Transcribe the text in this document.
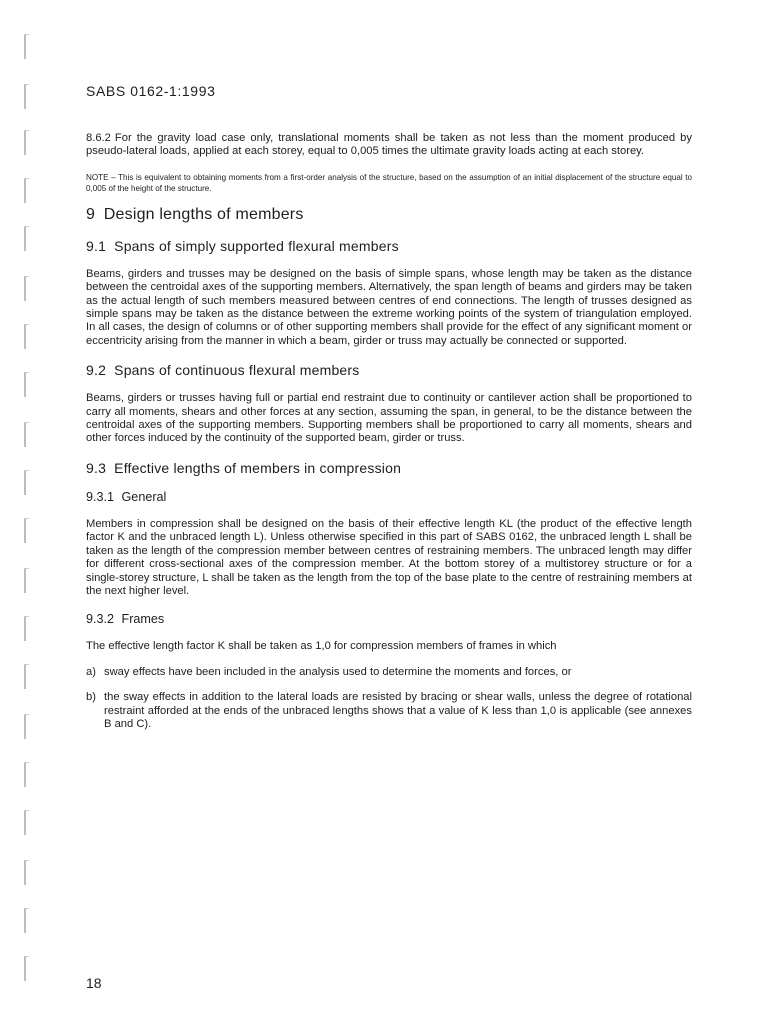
SABS 0162-1:1993

8.6.2 For the gravity load case only, translational moments shall be taken as not less than the moment produced by pseudo-lateral loads, applied at each storey, equal to 0,005 times the ultimate gravity loads acting at each storey.

NOTE – This is equivalent to obtaining moments from a first-order analysis of the structure, based on the assumption of an initial displacement of the structure equal to 0,005 of the height of the structure.

9 Design lengths of members
9.1 Spans of simply supported flexural members

Beams, girders and trusses may be designed on the basis of simple spans, whose length may be taken as the distance between the centroidal axes of the supporting members. Alternatively, the span length of beams and girders may be taken as the actual length of such members measured between centres of end connections. The length of trusses designed as simple spans may be taken as the distance between the extreme working points of the system of triangulation employed. In all cases, the design of columns or of other supporting members shall provide for the effect of any significant moment or eccentricity arising from the manner in which a beam, girder or truss may actually be connected or supported.

9.2 Spans of continuous flexural members

Beams, girders or trusses having full or partial end restraint due to continuity or cantilever action shall be proportioned to carry all moments, shears and other forces at any section, assuming the span, in general, to be the distance between the centroidal axes of the supporting members. Supporting members shall be proportioned to carry all moments, shears and other forces induced by the continuity of the supported beam, girder or truss.

9.3 Effective lengths of members in compression
9.3.1 General

Members in compression shall be designed on the basis of their effective length KL (the product of the effective length factor K and the unbraced length L). Unless otherwise specified in this part of SABS 0162, the unbraced length L shall be taken as the length of the compression member between centres of restraining members. The unbraced length may differ for different cross-sectional axes of the compression member. At the bottom storey of a multistorey structure or for a single-storey structure, L shall be taken as the length from the top of the base plate to the centre of restraining members at the next higher level.

9.3.2 Frames

The effective length factor K shall be taken as 1,0 for compression members of frames in which

a) sway effects have been included in the analysis used to determine the moments and forces, or
b) the sway effects in addition to the lateral loads are resisted by bracing or shear walls, unless the degree of rotational restraint afforded at the ends of the unbraced lengths shows that a value of K less than 1,0 is applicable (see annexes B and C).
18
